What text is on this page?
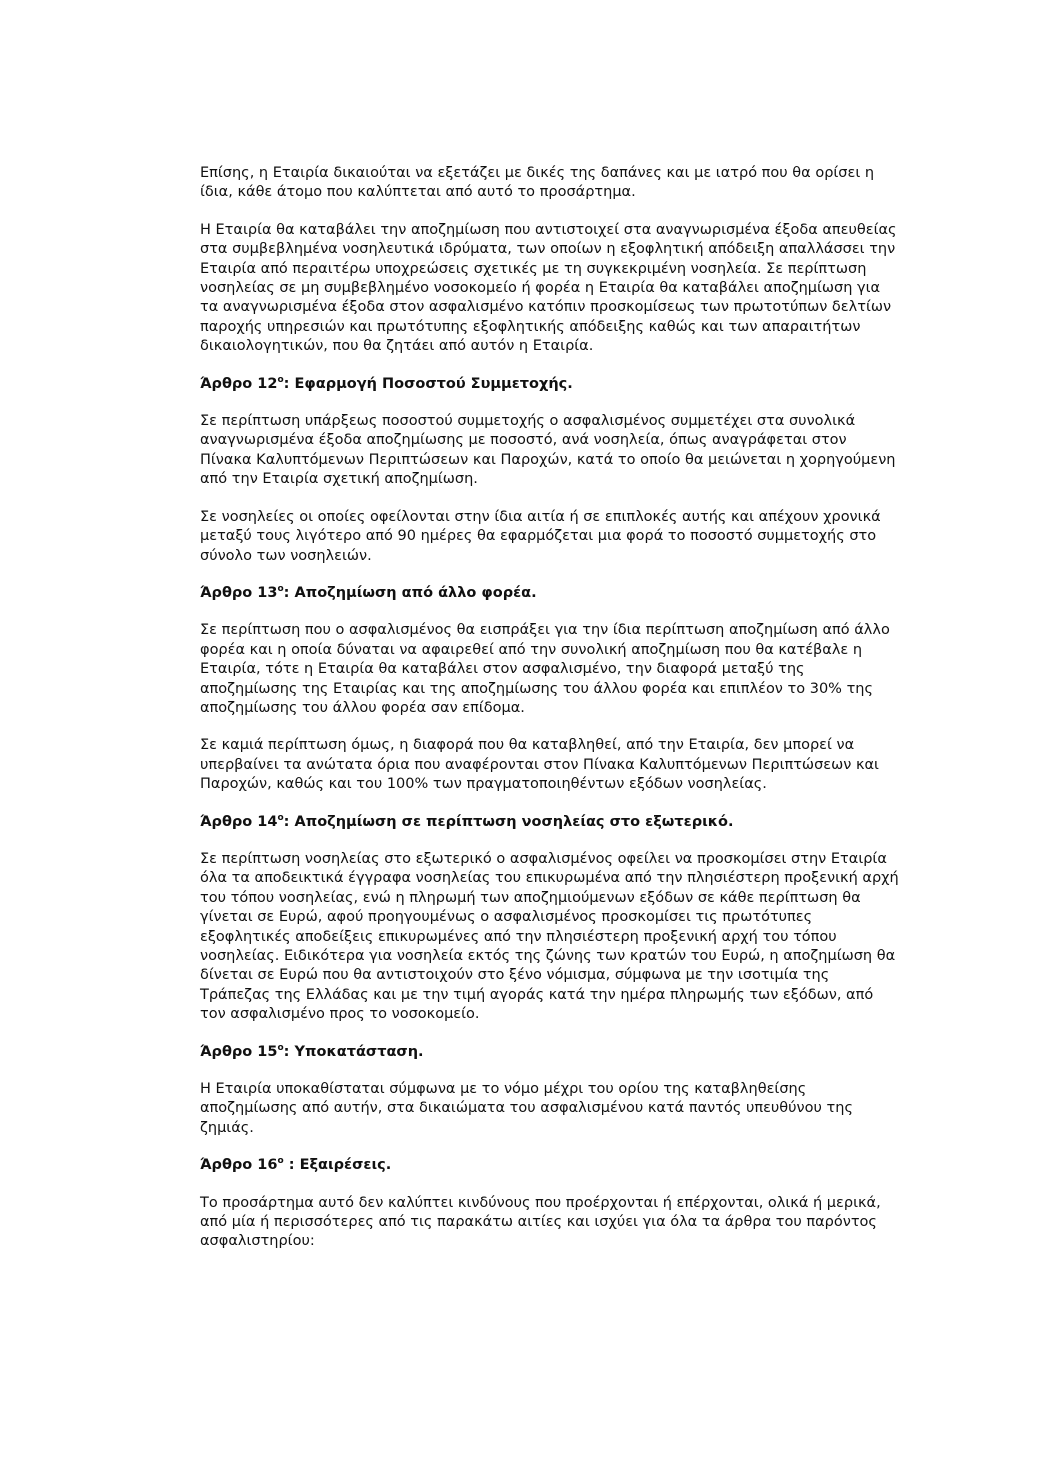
Επίσης, η Εταιρία δικαιούται να εξετάζει με δικές της δαπάνες και με ιατρό που θα ορίσει η ίδια, κάθε άτομο που καλύπτεται από αυτό το προσάρτημα.

Η Εταιρία θα καταβάλει την αποζημίωση που αντιστοιχεί στα αναγνωρισμένα έξοδα απευθείας στα συμβεβλημένα νοσηλευτικά ιδρύματα, των οποίων η εξοφλητική απόδειξη απαλλάσσει την Εταιρία από περαιτέρω υποχρεώσεις σχετικές με τη συγκεκριμένη νοσηλεία. Σε περίπτωση νοσηλείας σε μη συμβεβλημένο νοσοκομείο ή φορέα η Εταιρία θα καταβάλει αποζημίωση για τα αναγνωρισμένα έξοδα στον ασφαλισμένο κατόπιν προσκομίσεως των πρωτοτύπων δελτίων παροχής υπηρεσιών και πρωτότυπης εξοφλητικής απόδειξης καθώς και των απαραιτήτων δικαιολογητικών, που θα ζητάει από αυτόν η Εταιρία.

Άρθρο $12^o$: Εφαρμογή Ποσοστού Συμμετοχής.

Σε περίπτωση υπάρξεως ποσοστού συμμετοχής ο ασφαλισμένος συμμετέχει στα συνολικά αναγνωρισμένα έξοδα αποζημίωσης με ποσοστό, ανά νοσηλεία, όπως αναγράφεται στον Πίνακα Καλυπτόμενων Περιπτώσεων και Παροχών, κατά το οποίο θα μειώνεται η χορηγούμενη από την Εταιρία σχετική αποζημίωση.

Σε νοσηλείες οι οποίες οφείλονται στην ίδια αιτία ή σε επιπλοκές αυτής και απέχουν χρονικά μεταξύ τους λιγότερο από 90 ημέρες θα εφαρμόζεται μια φορά το ποσοστό συμμετοχής στο σύνολο των νοσηλειών.

Άρθρο $13^o$: Αποζημίωση από άλλο φορέα.

Σε περίπτωση που ο ασφαλισμένος θα εισπράξει για την ίδια περίπτωση αποζημίωση από άλλο φορέα και η οποία δύναται να αφαιρεθεί από την συνολική αποζημίωση που θα κατέβαλε η Εταιρία, τότε η Εταιρία θα καταβάλει στον ασφαλισμένο, την διαφορά μεταξύ της αποζημίωσης της Εταιρίας και της αποζημίωσης του άλλου φορέα και επιπλέον το 30% της αποζημίωσης του άλλου φορέα σαν επίδομα.

Σε καμιά περίπτωση όμως, η διαφορά που θα καταβληθεί, από την Εταιρία, δεν μπορεί να υπερβαίνει τα ανώτατα όρια που αναφέρονται στον Πίνακα Καλυπτόμενων Περιπτώσεων και Παροχών, καθώς και του 100% των πραγματοποιηθέντων εξόδων νοσηλείας.

Άρθρο $14^o$: Αποζημίωση σε περίπτωση νοσηλείας στο εξωτερικό.

Σε περίπτωση νοσηλείας στο εξωτερικό ο ασφαλισμένος οφείλει να προσκομίσει στην Εταιρία όλα τα αποδεικτικά έγγραφα νοσηλείας του επικυρωμένα από την πλησιέστερη προξενική αρχή του τόπου νοσηλείας, ενώ η πληρωμή των αποζημιούμενων εξόδων σε κάθε περίπτωση θα γίνεται σε Ευρώ, αφού προηγουμένως ο ασφαλισμένος προσκομίσει τις πρωτότυπες εξοφλητικές αποδείξεις επικυρωμένες από την πλησιέστερη προξενική αρχή του τόπου νοσηλείας. Ειδικότερα για νοσηλεία εκτός της ζώνης των κρατών του Ευρώ, η αποζημίωση θα δίνεται σε Ευρώ που θα αντιστοιχούν στο ξένο νόμισμα, σύμφωνα με την ισοτιμία της Τράπεζας της Ελλάδας και με την τιμή αγοράς κατά την ημέρα πληρωμής των εξόδων, από τον ασφαλισμένο προς το νοσοκομείο.

Άρθρο $15^o$: Υποκατάσταση.

Η Εταιρία υποκαθίσταται σύμφωνα με το νόμο μέχρι του ορίου της καταβληθείσης αποζημίωσης από αυτήν, στα δικαιώματα του ασφαλισμένου κατά παντός υπευθύνου της ζημιάς.

Άρθρο $16^o$ : Εξαιρέσεις.

Το προσάρτημα αυτό δεν καλύπτει κινδύνους που προέρχονται ή επέρχονται, ολικά ή μερικά, από μία ή περισσότερες από τις παρακάτω αιτίες και ισχύει για όλα τα άρθρα του παρόντος ασφαλιστηρίου:
